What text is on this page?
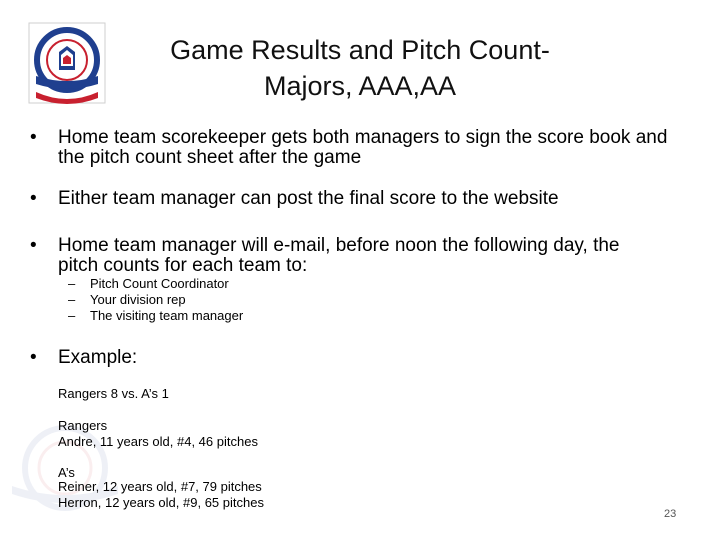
Game Results and Pitch Count-
Majors, AAA,AA
• Home team scorekeeper gets both managers to sign the score book and
the pitch count sheet after the game
• Either team manager can post the final score to the website
• Home team manager will e-mail, before noon the following day, the
pitch counts for each team to:
– Pitch Count Coordinator
– Your division rep
– The visiting team manager
• Example:
Rangers 8 vs. A’s 1
Rangers
Andre, 11 years old, #4, 46 pitches
A’s
Reiner, 12 years old, #7, 79 pitches
Herron, 12 years old, #9, 65 pitches
23
